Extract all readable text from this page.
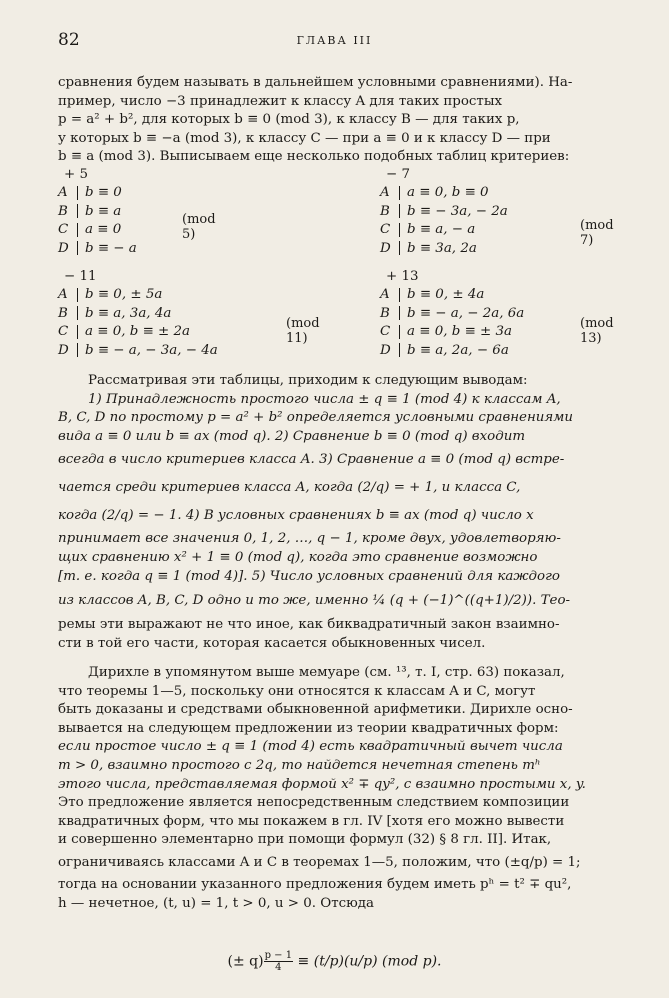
82	ГЛАВА III
сравнения будем называть в дальнейшем условными сравнениями). На-
пример, число −3 принадлежит к классу A для таких простых
p = a² + b², для которых b ≡ 0 (mod 3), к классу B — для таких p,
у которых b ≡ −a (mod 3), к классу C — при a ≡ 0 и к классу D — при
b ≡ a (mod 3). Выписываем еще несколько подобных таблиц критериев:
+ 5
A b ≡ 0
B b ≡ a
C a ≡ 0
D b ≡ − a
(mod 5)
− 7
A a ≡ 0, b ≡ 0
B b ≡ − 3a, − 2a
C b ≡ a, − a
D b ≡ 3a, 2a
(mod 7)
− 11
A b ≡ 0, ± 5a
B b ≡ a, 3a, 4a
C a ≡ 0, b ≡ ± 2a
D b ≡ − a, − 3a, − 4a
(mod 11)
+ 13
A b ≡ 0, ± 4a
B b ≡ − a, − 2a, 6a
C a ≡ 0, b ≡ ± 3a
D b ≡ a, 2a, − 6a
(mod 13)
Рассматривая эти таблицы, приходим к следующим выводам:
1) Принадлежность простого числа ± q ≡ 1 (mod 4) к классам A,
B, C, D по простому p = a² + b² определяется условными сравнениями
вида a ≡ 0 или b ≡ ax (mod q). 2) Сравнение b ≡ 0 (mod q) входит
всегда в число критериев класса A. 3) Сравнение a ≡ 0 (mod q) встре-
чается среди критериев класса A, когда (2/q) = + 1, и класса C,
когда (2/q) = − 1. 4) В условных сравнениях b ≡ ax (mod q) число x
принимает все значения 0, 1, 2, …, q − 1, кроме двух, удовлетворяю-
щих сравнению x² + 1 ≡ 0 (mod q), когда это сравнение возможно
[т. е. когда q ≡ 1 (mod 4)]. 5) Число условных сравнений для каждого
из классов A, B, C, D одно и то же, именно ¼ (q + (−1)^((q+1)/2)). Тео-
ремы эти выражают не что иное, как биквадратичный закон взаимно-
сти в той его части, которая касается обыкновенных чисел.
Дирихле в упомянутом выше мемуаре (см. ¹³, т. I, стр. 63) показал,
что теоремы 1—5, поскольку они относятся к классам A и C, могут
быть доказаны и средствами обыкновенной арифметики. Дирихле осно-
вывается на следующем предложении из теории квадратичных форм:
если простое число ± q ≡ 1 (mod 4) есть квадратичный вычет числа
m > 0, взаимно простого с 2q, то найдется нечетная степень mʰ
этого числа, представляемая формой x² ∓ qy², с взаимно простыми x, y.
Это предложение является непосредственным следствием композиции
квадратичных форм, что мы покажем в гл. IV [хотя его можно вывести
и совершенно элементарно при помощи формул (32) § 8 гл. II]. Итак,
ограничиваясь классами A и C в теоремах 1—5, положим, что (±q/p) = 1;
тогда на основании указанного предложения будем иметь pʰ = t² ∓ qu²,
h — нечетное, (t, u) = 1, t > 0, u > 0. Отсюда
(± $q) \frac{p - 1}{4} \equiv (t/p)(u/p)$ (mod p).
